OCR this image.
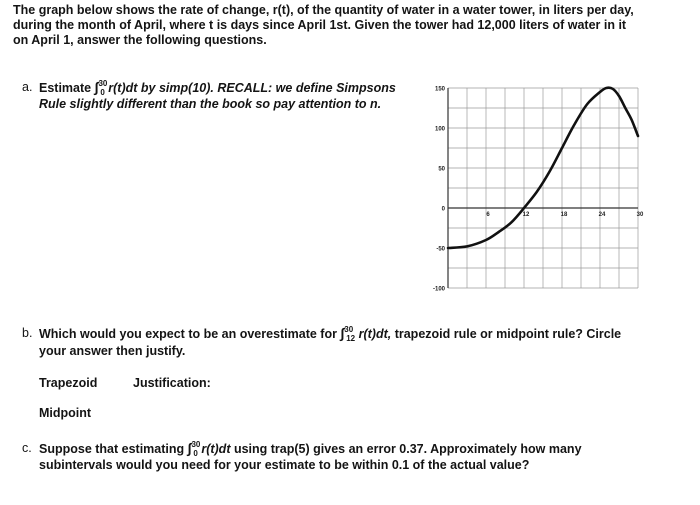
The graph below shows the rate of change, r(t), of the quantity of water in a water tower, in liters per day,
during the month of April, where t is days since April 1st. Given the tower had 12,000 liters of water in it
on April 1, answer the following questions.
a. Estimate ∫$^{30}_0$ r(t)dt by simp(10). RECALL: we define Simpsons
Rule slightly different than the book so pay attention to n.
150
100
50
0
-50
-100
6	12	18	24	30
b. Which would you expect to be an overestimate for ∫$^{30}_{12}$ r(t)dt, trapezoid rule or midpoint rule? Circle
your answer then justify.
Trapezoid	Justification:
Midpoint
c. Suppose that estimating ∫$^{30}_0$ r(t)dt using trap(5) gives an error 0.37. Approximately how many
subintervals would you need for your estimate to be within 0.1 of the actual value?
